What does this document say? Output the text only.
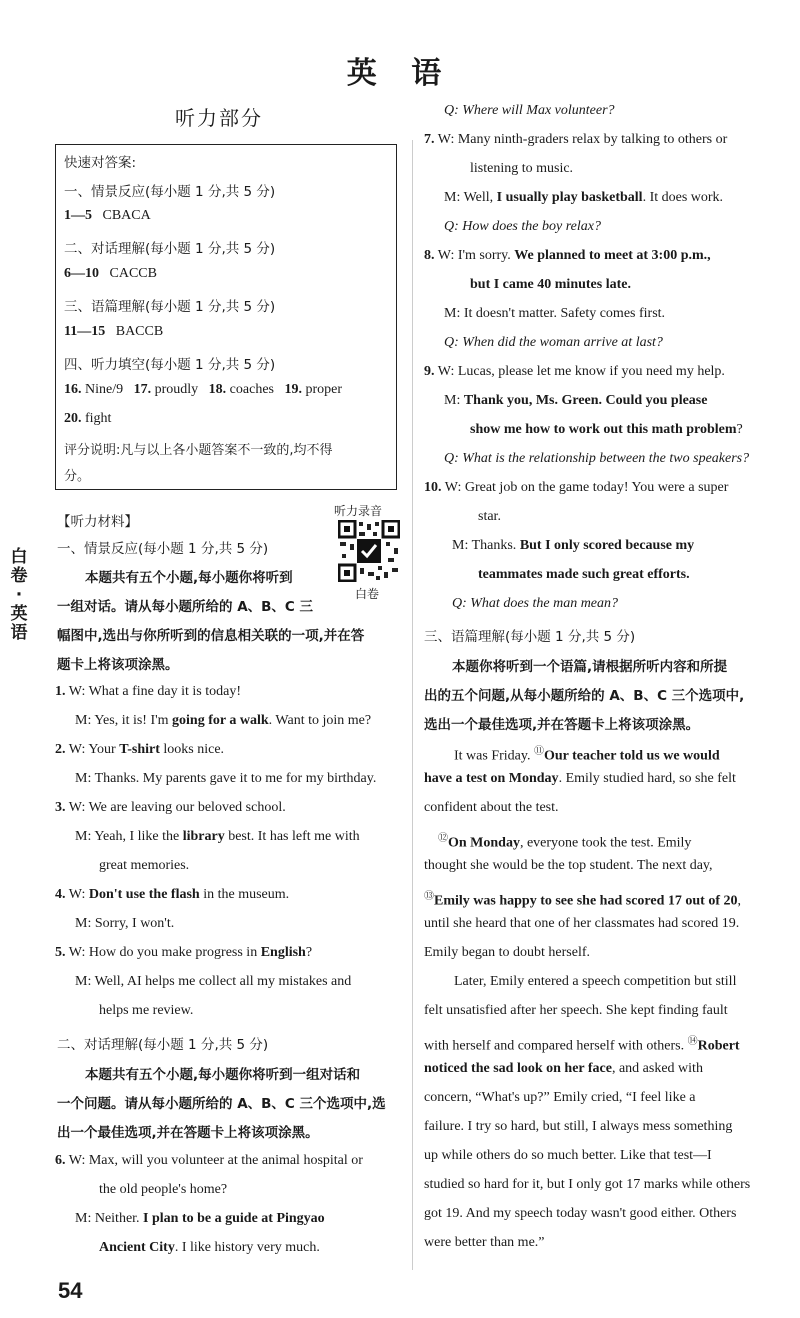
英 语
听力部分
快速对答案:
一、情景反应(每小题 1 分,共 5 分)
1—5 CBACA
二、对话理解(每小题 1 分,共 5 分)
6—10 CACCB
三、语篇理解(每小题 1 分,共 5 分)
11—15 BACCB
四、听力填空(每小题 1 分,共 5 分)
16. Nine/9 17. proudly 18. coaches 19. proper
20. fight
评分说明:凡与以上各小题答案不一致的,均不得
分。
白
卷
·
英
语
听力录音
白卷
【听力材料】
一、情景反应(每小题 1 分,共 5 分)
本题共有五个小题,每小题你将听到
一组对话。请从每小题所给的 A、B、C 三
幅图中,选出与你所听到的信息相关联的一项,并在答
题卡上将该项涂黑。
1. W: What a fine day it is today!
M: Yes, it is! I'm going for a walk. Want to join me?
2. W: Your T-shirt looks nice.
M: Thanks. My parents gave it to me for my birthday.
3. W: We are leaving our beloved school.
M: Yeah, I like the library best. It has left me with
great memories.
4. W: Don't use the flash in the museum.
M: Sorry, I won't.
5. W: How do you make progress in English?
M: Well, AI helps me collect all my mistakes and
helps me review.
二、对话理解(每小题 1 分,共 5 分)
本题共有五个小题,每小题你将听到一组对话和
一个问题。请从每小题所给的 A、B、C 三个选项中,选
出一个最佳选项,并在答题卡上将该项涂黑。
6. W: Max, will you volunteer at the animal hospital or
the old people's home?
M: Neither. I plan to be a guide at Pingyao
Ancient City. I like history very much.
54
Q: Where will Max volunteer?
7. W: Many ninth-graders relax by talking to others or
listening to music.
M: Well, I usually play basketball. It does work.
Q: How does the boy relax?
8. W: I'm sorry. We planned to meet at 3:00 p.m.,
but I came 40 minutes late.
M: It doesn't matter. Safety comes first.
Q: When did the woman arrive at last?
9. W: Lucas, please let me know if you need my help.
M: Thank you, Ms. Green. Could you please
show me how to work out this math problem?
Q: What is the relationship between the two speakers?
10. W: Great job on the game today! You were a super
star.
M: Thanks. But I only scored because my
teammates made such great efforts.
Q: What does the man mean?
三、语篇理解(每小题 1 分,共 5 分)
本题你将听到一个语篇,请根据所听内容和所提
出的五个问题,从每小题所给的 A、B、C 三个选项中,
选出一个最佳选项,并在答题卡上将该项涂黑。
It was Friday. ⑪Our teacher told us we would
have a test on Monday. Emily studied hard, so she felt
confident about the test.
⑫On Monday, everyone took the test. Emily
thought she would be the top student. The next day,
⑬Emily was happy to see she had scored 17 out of 20,
until she heard that one of her classmates had scored 19.
Emily began to doubt herself.
Later, Emily entered a speech competition but still
felt unsatisfied after her speech. She kept finding fault
with herself and compared herself with others. ⑭Robert
noticed the sad look on her face, and asked with
concern, “What's up?” Emily cried, “I feel like a
failure. I try so hard, but still, I always mess something
up while others do so much better. Like that test—I
studied so hard for it, but I only got 17 marks while others
got 19. And my speech today wasn't good either. Others
were better than me.”
